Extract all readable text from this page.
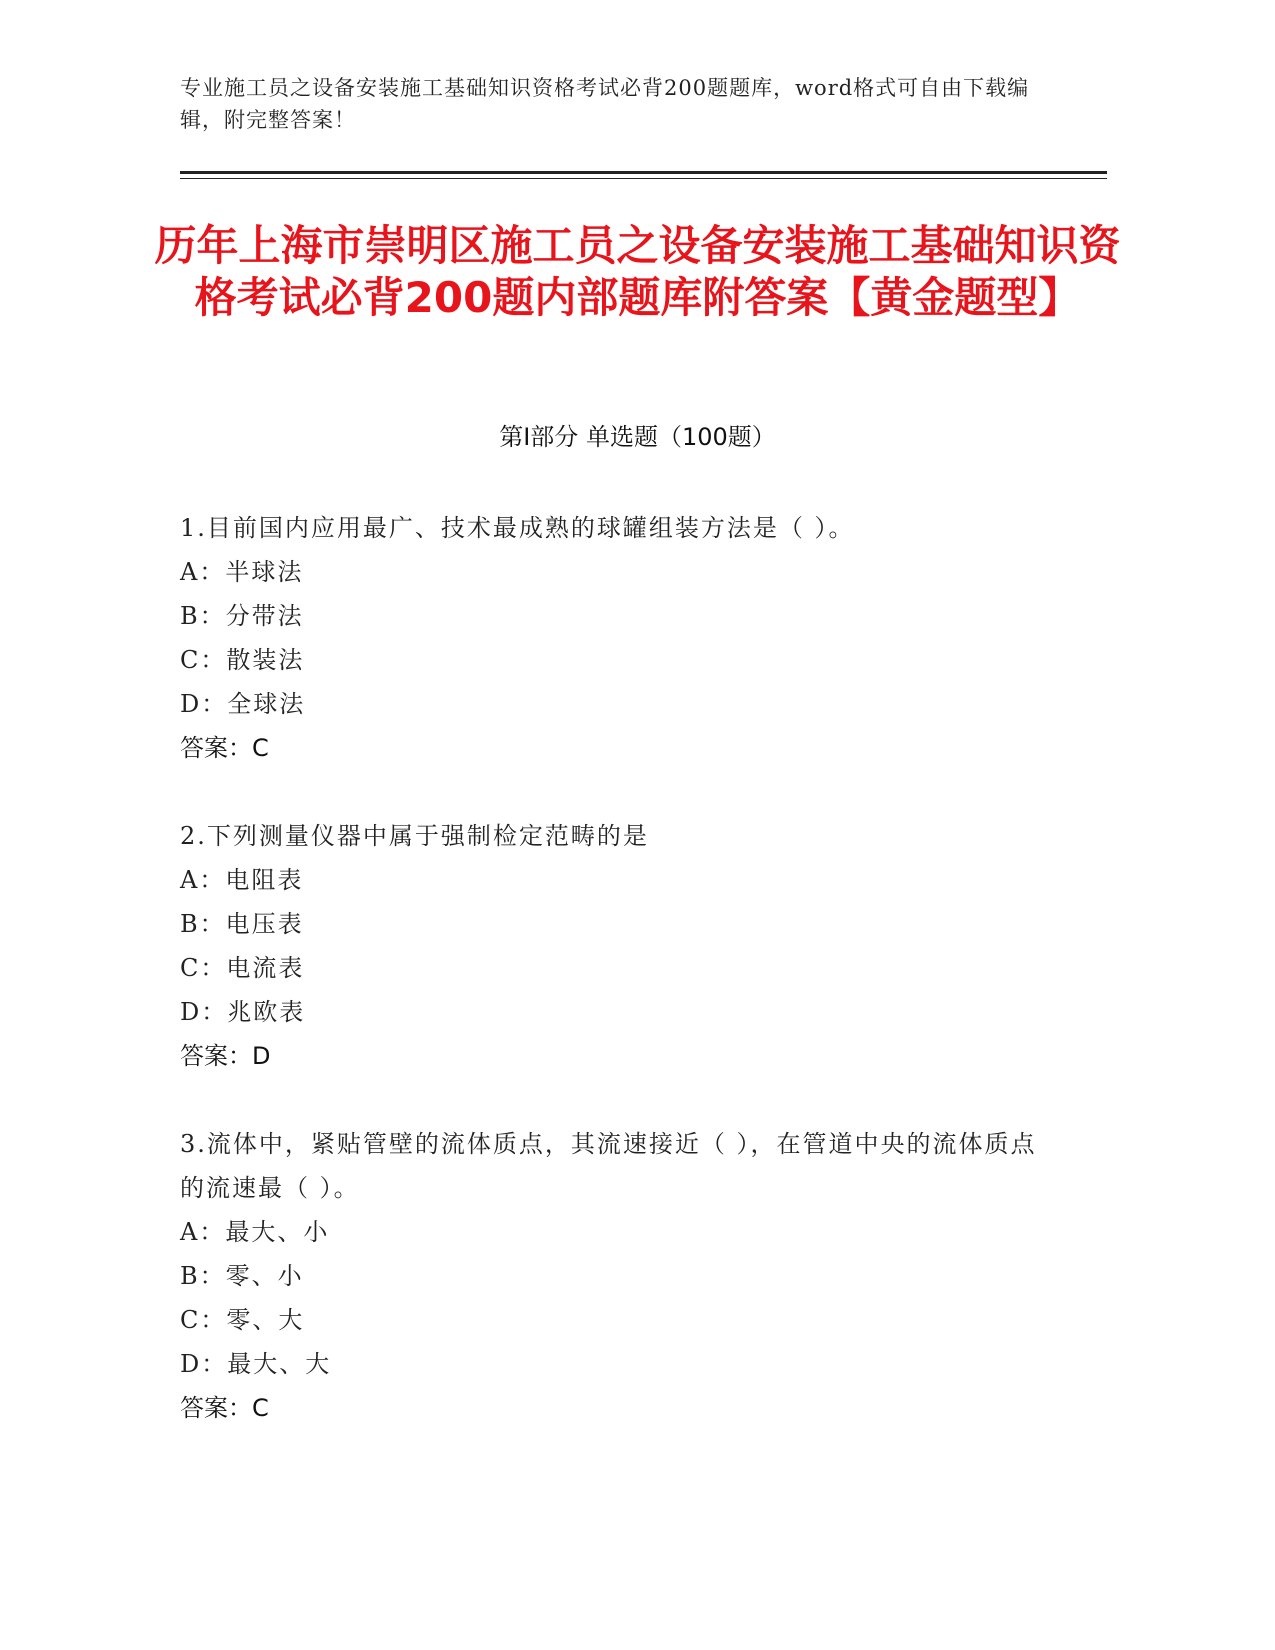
专业施工员之设备安装施工基础知识资格考试必背200题题库，word格式可自由下载编辑，附完整答案！
历年上海市崇明区施工员之设备安装施工基础知识资格考试必背200题内部题库附答案【黄金题型】
第Ⅰ部分 单选题（100题）
1.目前国内应用最广、技术最成熟的球罐组装方法是（ ）。
A：半球法
B：分带法
C：散装法
D：全球法
答案：C
2.下列测量仪器中属于强制检定范畴的是
A：电阻表
B：电压表
C：电流表
D：兆欧表
答案：D
3.流体中，紧贴管壁的流体质点，其流速接近（ ），在管道中央的流体质点的流速最（ ）。
A：最大、小
B：零、小
C：零、大
D：最大、大
答案：C
